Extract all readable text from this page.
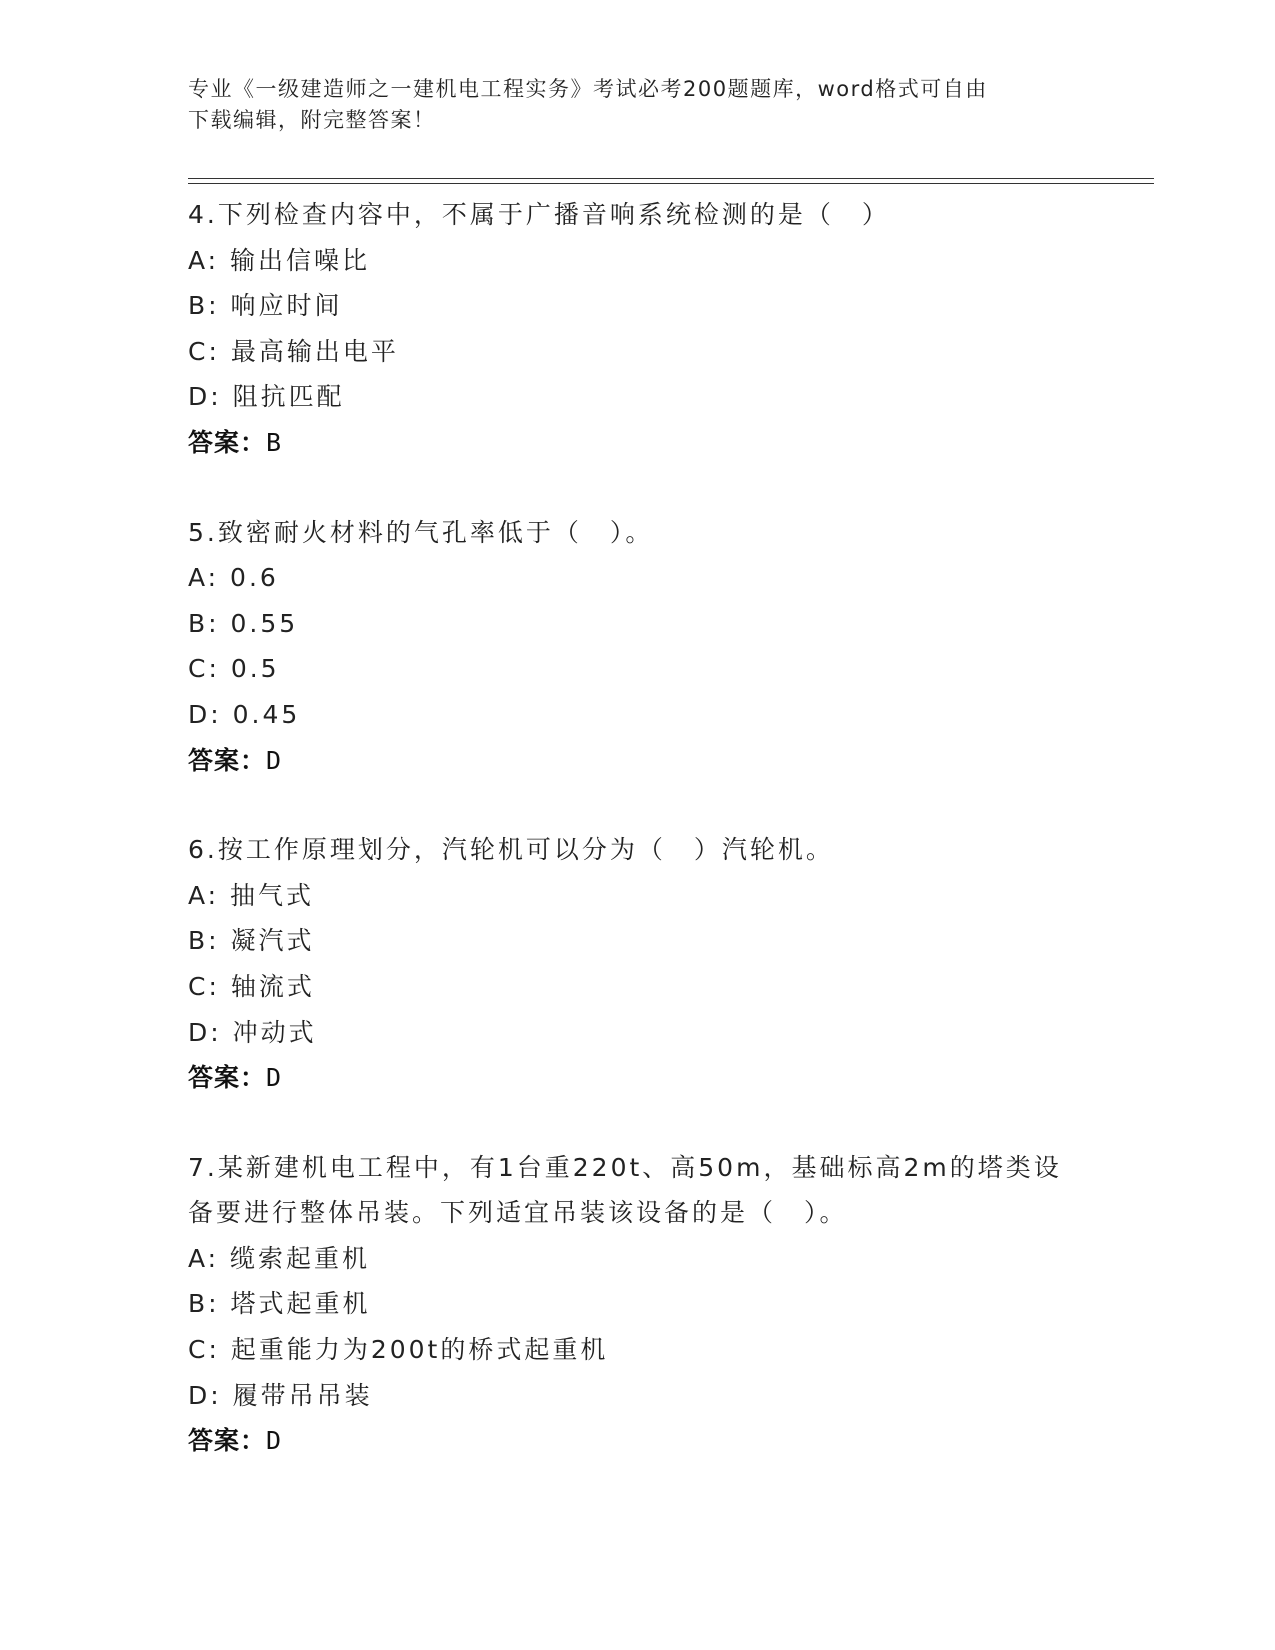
专业《一级建造师之一建机电工程实务》考试必考200题题库，word格式可自由

下载编辑，附完整答案！

4.下列检查内容中，不属于广播音响系统检测的是（　）
A: 输出信噪比
B: 响应时间
C: 最高输出电平
D: 阻抗匹配
答案：B
5.致密耐火材料的气孔率低于（　）。
A: 0.6
B: 0.55
C: 0.5
D: 0.45
答案：D
6.按工作原理划分，汽轮机可以分为（　）汽轮机。
A: 抽气式
B: 凝汽式
C: 轴流式
D: 冲动式
答案：D
7.某新建机电工程中，有1台重220t、高50m，基础标高2m的塔类设
备要进行整体吊装。下列适宜吊装该设备的是（　）。
A: 缆索起重机
B: 塔式起重机
C: 起重能力为200t的桥式起重机
D: 履带吊吊装
答案：D
